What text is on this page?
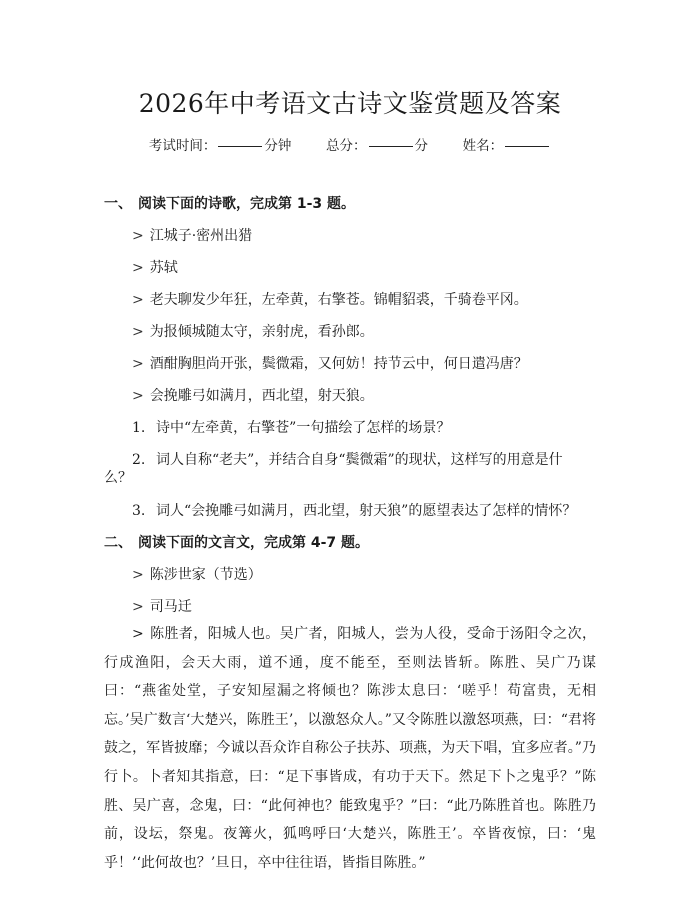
2026年中考语文古诗文鉴赏题及答案
考试时间：	分钟	总分：	分	姓名：
一、 阅读下面的诗歌，完成第 1-3 题。
> 江城子·密州出猎
> 苏轼
> 老夫聊发少年狂，左牵黄，右擎苍。锦帽貂裘，千骑卷平冈。
> 为报倾城随太守，亲射虎，看孙郎。
> 酒酣胸胆尚开张，鬓微霜，又何妨！持节云中，何日遣冯唐？
> 会挽雕弓如满月，西北望，射天狼。
1. 诗中“左牵黄，右擎苍”一句描绘了怎样的场景？
2. 词人自称“老夫”，并结合自身“鬓微霜”的现状，这样写的用意是什
么？
3. 词人“会挽雕弓如满月，西北望，射天狼”的愿望表达了怎样的情怀？
二、 阅读下面的文言文，完成第 4-7 题。
> 陈涉世家（节选）
> 司马迁
> 陈胜者，阳城人也。吴广者，阳城人，尝为人役，受命于汤阳令之次，行成渔阳，会天大雨，道不通，度不能至，至则法皆斩。陈胜、吴广乃谋曰：“燕雀处堂，子安知屋漏之将倾也？陈涉太息曰：‘嗟乎！苟富贵，无相忘。’吴广数言‘大楚兴，陈胜王’，以激怒众人。”又令陈胜以激怒项燕，曰：“君将鼓之，军皆披靡；今诚以吾众诈自称公子扶苏、项燕，为天下唱，宜多应者。”乃行卜。卜者知其指意，曰：“足下事皆成，有功于天下。然足下卜之鬼乎？”陈胜、吴广喜，念鬼，曰：“此何神也？能致鬼乎？”曰：“此乃陈胜首也。陈胜乃前，设坛，祭鬼。夜篝火，狐鸣呼曰‘大楚兴，陈胜王’。卒皆夜惊，曰：‘鬼乎！’‘此何故也？’旦日，卒中往往语，皆指目陈胜。”
